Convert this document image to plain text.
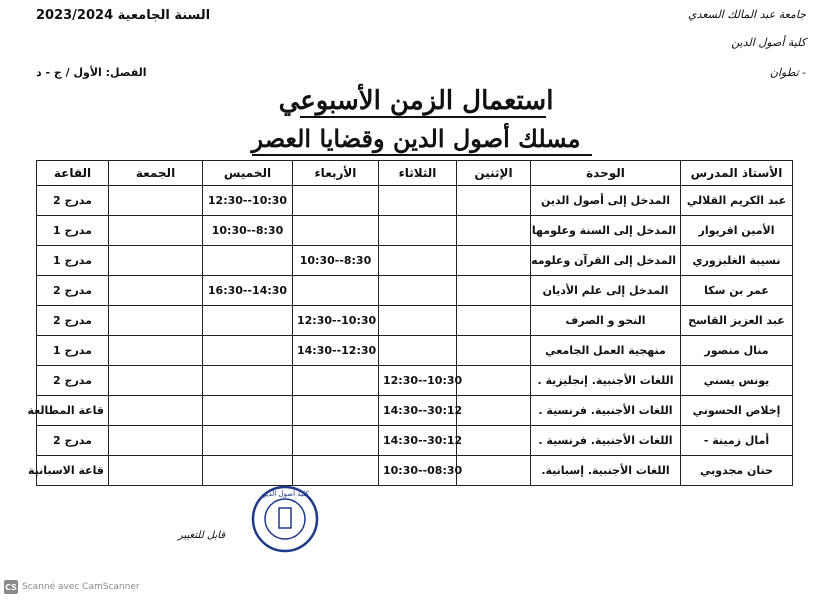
السنة الجامعية 2023/2024	جامعة عبد المالك السعدي
كلية أصول الدين
- تطوان
الفصل: الأول / ج - د
استعمال الزمن الأسبوعي
مسلك أصول الدين وقضايا العصر
الأستاذ المدرس	الوحدة	الإثنين	الثلاثاء	الأربعاء	الخميس	الجمعة	القاعة
عبد الكريم القلالي	المدخل إلى أصول الدين				12:30--10:30		مدرج 2
الأمين اقريوار	المدخل إلى السنة وعلومها				10:30--8:30		مدرج 1
نسيبة الغلبزوري	المدخل إلى القرآن وعلومه			10:30--8:30			مدرج 1
عمر بن سكا	المدخل إلى علم الأديان				16:30--14:30		مدرج 2
عبد العزيز القاسح	النحو و الصرف			12:30--10:30			مدرج 2
منال منصور	منهجية العمل الجامعي			14:30--12:30			مدرج 1
يونس يسني	اللغات الأجنبية. إنجليزية .		12:30--10:30				مدرج 2
إخلاص الحسوني	اللغات الأجنبية. فرنسية .		14:30--30:12				قاعة المطالعة
أمال زمينة -	اللغات الأجنبية. فرنسية .		14:30--30:12				مدرج 2
حنان مجدوبي	اللغات الأجنبية. إسبانية.		10:30--08:30				قاعة الاسبانية
كلية أصول الدين
قابل للتغيير
CS Scanné avec CamScanner
